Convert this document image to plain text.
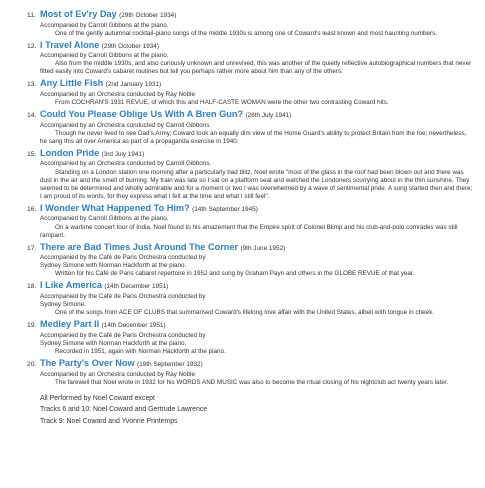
11. Most of Ev'ry Day (29th October 1934)
Accompanied by Carroll Gibbons at the piano.

One of the gently autumnal cocktail-piano songs of the middle 1930s is among one of Coward's least known and most haunting numbers.

12. I Travel Alone (29th October 1934)
Accompanied by Carroll Gibbons at the piano.

Also from the middle 1930s, and also curiously unknown and unrevived, this was another of the quietly reflective autobiographical numbers that never fitted easily into Coward's cabaret routines but tell you perhaps rather more about him than any of the others.

13. Any Little Fish (2nd January 1931)
Accompanied by an Orchestra conducted by Ray Noble

From COCHRAN'S 1931 REVUE, of which this and HALF-CASTE WOMAN were the other two contrasting Coward hits.

14. Could You Please Oblige Us With A Bren Gun? (28th July 1941)
Accompanied by an Orchestra conducted by Carroll Gibbons

Though he never lived to see Dad's Army, Coward took an equally dim view of the Home Guard's ability to protect Britain from the foe; nevertheless, he sang this all over America as part of a propaganda exercise in 1940.

15. London Pride (3rd July 1941)
Accompanied by an Orchestra conducted by Carroll Gibbons.

Standing on a London station one morning after a particularly bad blitz, Noel wrote "most of the glass in the roof had been blown out and there was dust in the air and the smell of burning. My train was late so I sat on a platform seat and watched the Londoners scurrying about in the thin sunshine. They seemed to be determined and wholly admirable and for a moment or two I was overwhelmed by a wave of sentimental pride. A song started then and there; I am proud of its words, for they express what I felt at the time and what I still feel".

16. I Wonder What Happened To Him? (14th September 1945)
Accompanied by Carroll Gibbons at the piano.

On a wartime concert tour of India, Noel found to his amazement that the Empire spirit of Colonel Blimp and his club-and-polo comrades was still rampant.

17. There are Bad Times Just Around The Corner (9th June 1952)
Accompanied by the Café de Paris Orchestra conducted by
Sydney Simone with Norman Hackforth at the piano.

Written for his Café de Paris cabaret repertoire in 1952 and sung by Graham Payn and others in the GLOBE REVUE of that year.

18. I Like America (14th December 1951)
Accompanied by the Café de Paris Orchestra conducted by
Sydney Simone.

One of the songs from ACE OF CLUBS that summarised Coward's lifelong love affair with the United States, albeit with tongue in cheek.

19. Medley Part II (14th December 1951)
Accompanied by the Café de Paris Orchestra conducted by
Sydney Simone with Norman Hackforth at the piano.

Recorded in 1951, again with Norman Hackforth at the piano.

20. The Party's Over Now (19th September 1932)
Accompanied by an Orchestra conducted by Ray Noble

The farewell that Noel wrote in 1932 for his WORDS AND MUSIC was also to become the ritual closing of his nightclub act twenty years later.

All Performed by Noel Coward except
Tracks 6 and 10: Noel Coward and Gertrude Lawrence
Track 9: Noel Coward and Yvonne Printemps
